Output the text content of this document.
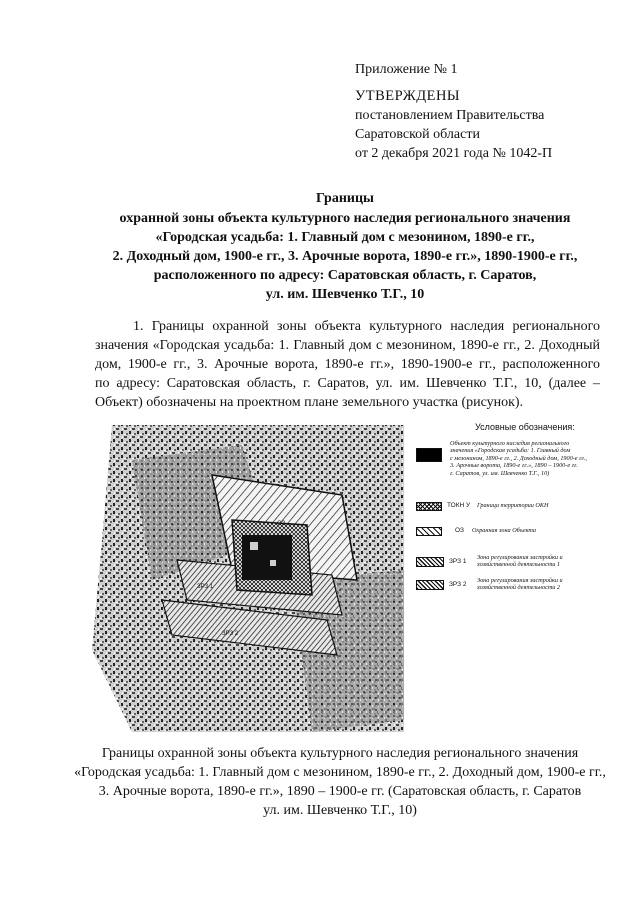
Приложение № 1
УТВЕРЖДЕНЫ
постановлением Правительства
Саратовской области
от 2 декабря 2021 года № 1042-П
Границы
охранной зоны объекта культурного наследия регионального значения
«Городская усадьба: 1. Главный дом с мезонином, 1890-е гг.,
2. Доходный дом, 1900-е гг., 3. Арочные ворота, 1890-е гг.», 1890-1900-е гг.,
расположенного по адресу: Саратовская область, г. Саратов,
ул. им. Шевченко Т.Г., 10
1. Границы охранной зоны объекта культурного наследия регионального
значения «Городская усадьба: 1. Главный дом с мезонином, 1890-е гг., 2. Доходный
дом, 1900-е гг., 3. Арочные ворота, 1890-е гг.», 1890-1900-е гг., расположенного
по адресу: Саратовская область, г. Саратов, ул. им. Шевченко Т.Г., 10, (далее –
Объект) обозначены на проектном плане земельного участка (рисунок).
ОЗ
ЗРЗ 1
ЗРЗ 2
Условные обозначения:
Объект культурного наследия регионального
значения «Городская усадьба: 1. Главный дом
с мезонином, 1890-е гг., 2. Доходный дом, 1900-е гг.,
3. Арочные ворота, 1890-е гг.», 1890 – 1900-е гг.
г. Саратов, ул. им. Шевченко Т.Г., 10)
ТОКН У Граница территории ОКН
ОЗ Охранная зона Объекта
ЗРЗ 1
Зона регулирования застройки и
хозяйственной деятельности 1
ЗРЗ 2
Зона регулирования застройки и
хозяйственной деятельности 2
Границы охранной зоны объекта культурного наследия регионального значения
«Городская усадьба: 1. Главный дом с мезонином, 1890-е гг., 2. Доходный дом, 1900-е гг.,
3. Арочные ворота, 1890-е гг.», 1890 – 1900-е гг. (Саратовская область, г. Саратов
ул. им. Шевченко Т.Г., 10)
